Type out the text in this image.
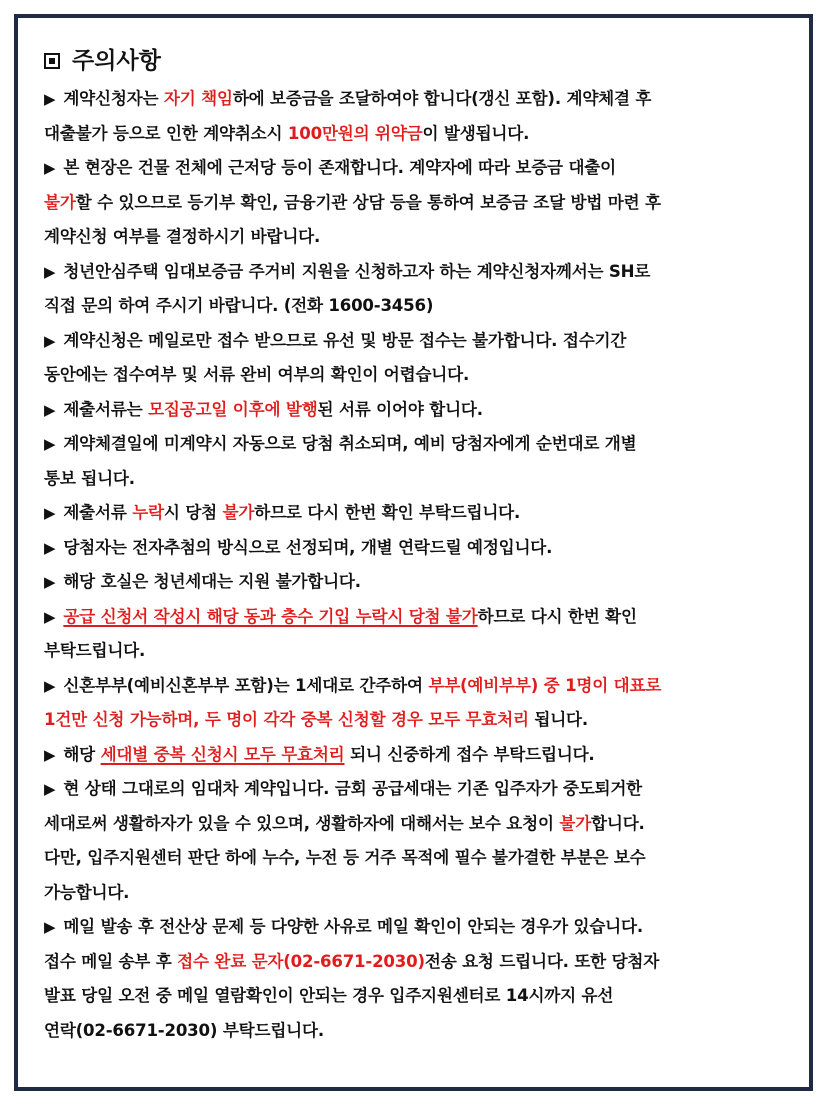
주의사항
▶ 계약신청자는 자기 책임하에 보증금을 조달하여야 합니다(갱신 포함). 계약체결 후
대출불가 등으로 인한 계약취소시 100만원의 위약금이 발생됩니다.
▶ 본 현장은 건물 전체에 근저당 등이 존재합니다. 계약자에 따라 보증금 대출이
불가할 수 있으므로 등기부 확인, 금융기관 상담 등을 통하여 보증금 조달 방법 마련 후
계약신청 여부를 결정하시기 바랍니다.
▶ 청년안심주택 임대보증금 주거비 지원을 신청하고자 하는 계약신청자께서는 SH로
직접 문의 하여 주시기 바랍니다. (전화 1600-3456)
▶ 계약신청은 메일로만 접수 받으므로 유선 및 방문 접수는 불가합니다. 접수기간
동안에는 접수여부 및 서류 완비 여부의 확인이 어렵습니다.
▶ 제출서류는 모집공고일 이후에 발행된 서류 이어야 합니다.
▶ 계약체결일에 미계약시 자동으로 당첨 취소되며, 예비 당첨자에게 순번대로 개별
통보 됩니다.
▶ 제출서류 누락시 당첨 불가하므로 다시 한번 확인 부탁드립니다.
▶ 당첨자는 전자추첨의 방식으로 선정되며, 개별 연락드릴 예정입니다.
▶ 해당 호실은 청년세대는 지원 불가합니다.
▶ 공급 신청서 작성시 해당 동과 층수 기입 누락시 당첨 불가하므로 다시 한번 확인
부탁드립니다.
▶ 신혼부부(예비신혼부부 포함)는 1세대로 간주하여 부부(예비부부) 중 1명이 대표로
1건만 신청 가능하며, 두 명이 각각 중복 신청할 경우 모두 무효처리 됩니다.
▶ 해당 세대별 중복 신청시 모두 무효처리 되니 신중하게 접수 부탁드립니다.
▶ 현 상태 그대로의 임대차 계약입니다. 금회 공급세대는 기존 입주자가 중도퇴거한
세대로써 생활하자가 있을 수 있으며, 생활하자에 대해서는 보수 요청이 불가합니다.
다만, 입주지원센터 판단 하에 누수, 누전 등 거주 목적에 필수 불가결한 부분은 보수
가능합니다.
▶ 메일 발송 후 전산상 문제 등 다양한 사유로 메일 확인이 안되는 경우가 있습니다.
접수 메일 송부 후 접수 완료 문자(02-6671-2030)전송 요청 드립니다. 또한 당첨자
발표 당일 오전 중 메일 열람확인이 안되는 경우 입주지원센터로 14시까지 유선
연락(02-6671-2030) 부탁드립니다.
